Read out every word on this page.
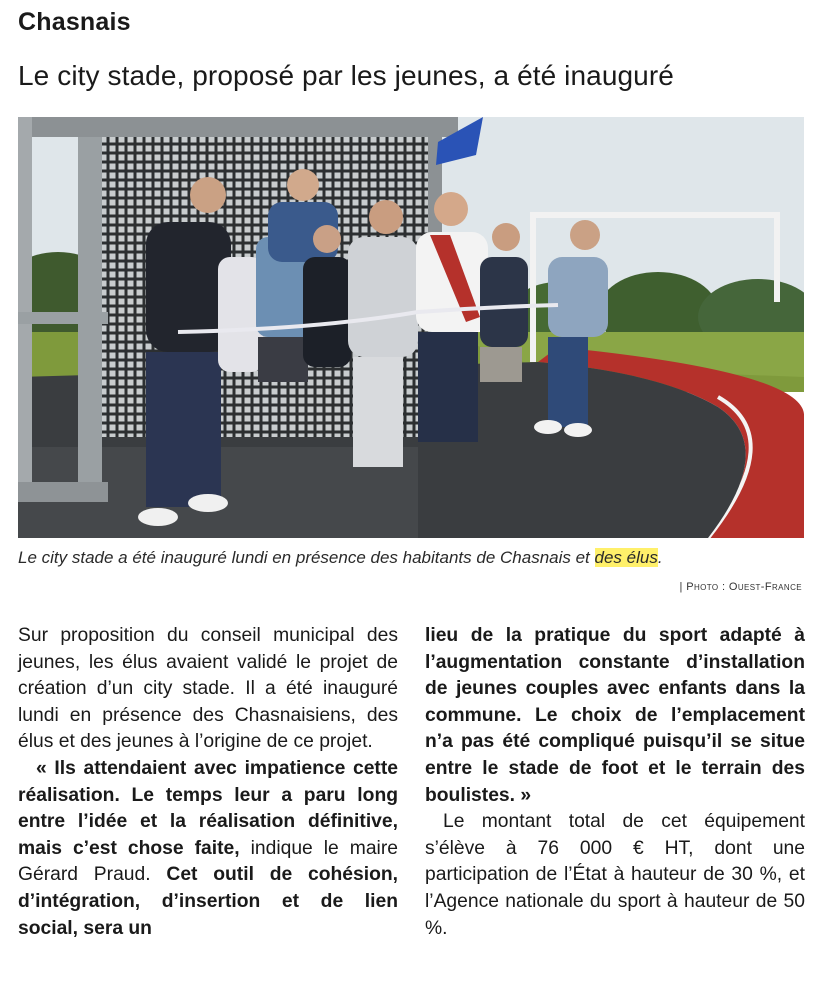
Chasnais
Le city stade, proposé par les jeunes, a été inauguré
Le city stade a été inauguré lundi en présence des habitants de Chasnais et des élus.
| Photo : Ouest-France

Sur proposition du conseil municipal des jeunes, les élus avaient validé le projet de création d’un city stade. Il a été inauguré lundi en présence des Chasnaisiens, des élus et des jeunes à l’origine de ce projet.

« Ils attendaient avec impatience cette réalisation. Le temps leur a paru long entre l’idée et la réalisation définitive, mais c’est chose faite, indique le maire Gérard Praud. Cet outil de cohésion, d’intégration, d’insertion et de lien social, sera un

lieu de la pratique du sport adapté à l’augmentation constante d’installation de jeunes couples avec enfants dans la commune. Le choix de l’emplacement n’a pas été compliqué puisqu’il se situe entre le stade de foot et le terrain des boulistes. »

Le montant total de cet équipement s’élève à 76 000 € HT, dont une participation de l’État à hauteur de 30 %, et l’Agence nationale du sport à hauteur de 50 %.
